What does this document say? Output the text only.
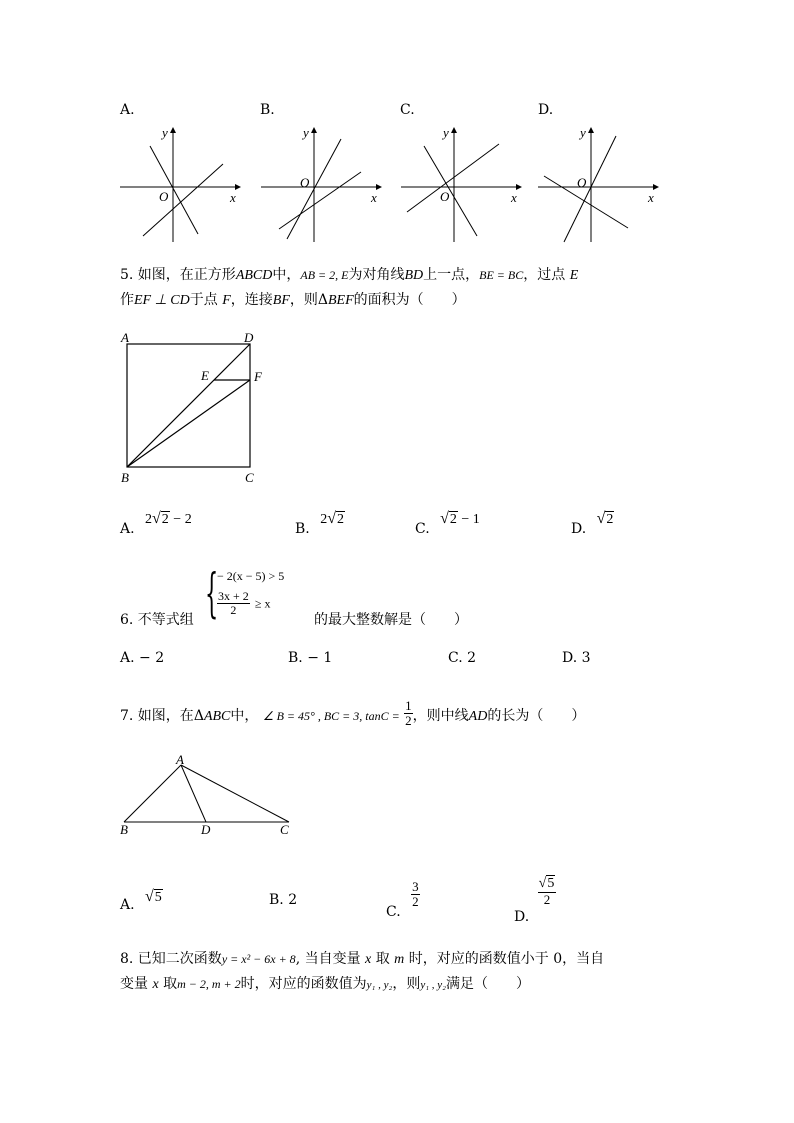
A.	B.	C.	D.
x
y
O	x
y
O
x
y
O	x
y
O
5. 如图，在正方形ABCD中，AB = 2, E为对角线BD上一点，BE = BC，过点 E
作EF ⊥ CD于点 F，连接BF，则ΔBEF的面积为（　　）
A	D
E	F
B	C
A. 2√2 − 2
B. 2√2
C. √2 − 1
D. √2
6. 不等式组 {
− 2(x − 5) > 5
$\frac{3x + 2}{2} \ge x$
的最大整数解是（　　）
A. − 2	B. − 1	C. 2	D. 3
7. 如图，在ΔABC中， ∠ B = 45° , BC = 3, $\tan C = \frac{1}{2}$ ，则中线AD的长为（　　）
A
B	D	C
A. √5	B. 2
C.
$\frac{3}{2}$
D.
$\frac{√5}{2}$
8. 已知二次函数y = x² − 6x + 8, 当自变量 x 取 m 时，对应的函数值小于 0，当自
变量 x 取m − 2, m + 2时，对应的函数值为y₁ , y₂，则y₁ , y₂满足（　　）
